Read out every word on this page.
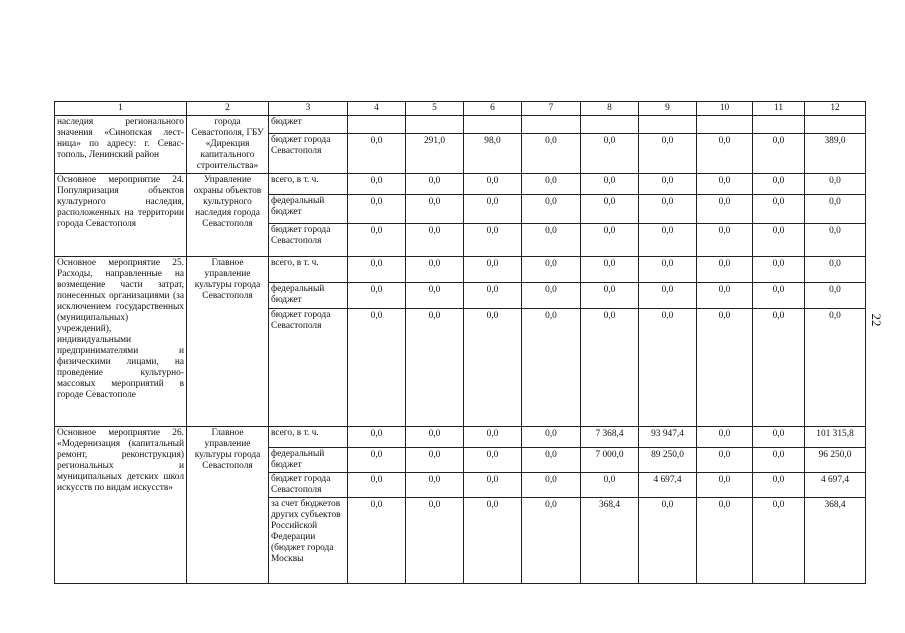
1	2	3	4	5	6	7	8	9	10	11	12
наследия регионального значения «Синопская лестница» по адресу: г. Севастополь, Ленинский район	города Севастополя, ГБУ «Дирекция капитального строительства»	бюджет									
		бюджет города Севастополя	0,0	291,0	98,0	0,0	0,0	0,0	0,0	0,0	389,0
Основное мероприятие 24. Популяризация объектов культурного наследия, расположенных на территории города Севастополя	Управление охраны объектов культурного наследия города Севастополя	всего, в т. ч.	0,0	0,0	0,0	0,0	0,0	0,0	0,0	0,0	0,0
		федеральный бюджет	0,0	0,0	0,0	0,0	0,0	0,0	0,0	0,0	0,0
		бюджет города Севастополя	0,0	0,0	0,0	0,0	0,0	0,0	0,0	0,0	0,0
Основное мероприятие 25. Расходы, направленные на возмещение части затрат, понесенных организациями (за исключением государственных (муниципальных) учреждений), индивидуальными предпринимателями и физическими лицами, на проведение культурно-массовых мероприятий в городе Севастополе	Главное управление культуры города Севастополя	всего, в т. ч.	0,0	0,0	0,0	0,0	0,0	0,0	0,0	0,0	0,0
		федеральный бюджет	0,0	0,0	0,0	0,0	0,0	0,0	0,0	0,0	0,0
		бюджет города Севастополя	0,0	0,0	0,0	0,0	0,0	0,0	0,0	0,0	0,0
Основное мероприятие 26. «Модернизация (капитальный ремонт, реконструкция) региональных и муниципальных детских школ искусств по видам искусств»	Главное управление культуры города Севастополя	всего, в т. ч.	0,0	0,0	0,0	0,0	7 368,4	93 947,4	0,0	0,0	101 315,8
		федеральный бюджет	0,0	0,0	0,0	0,0	7 000,0	89 250,0	0,0	0,0	96 250,0
		бюджет города Севастополя	0,0	0,0	0,0	0,0	0,0	4 697,4	0,0	0,0	4 697,4
		за счет бюджетов других субъектов Российской Федерации (бюджет города Москвы	0,0	0,0	0,0	0,0	368,4	0,0	0,0	0,0	368,4
22
